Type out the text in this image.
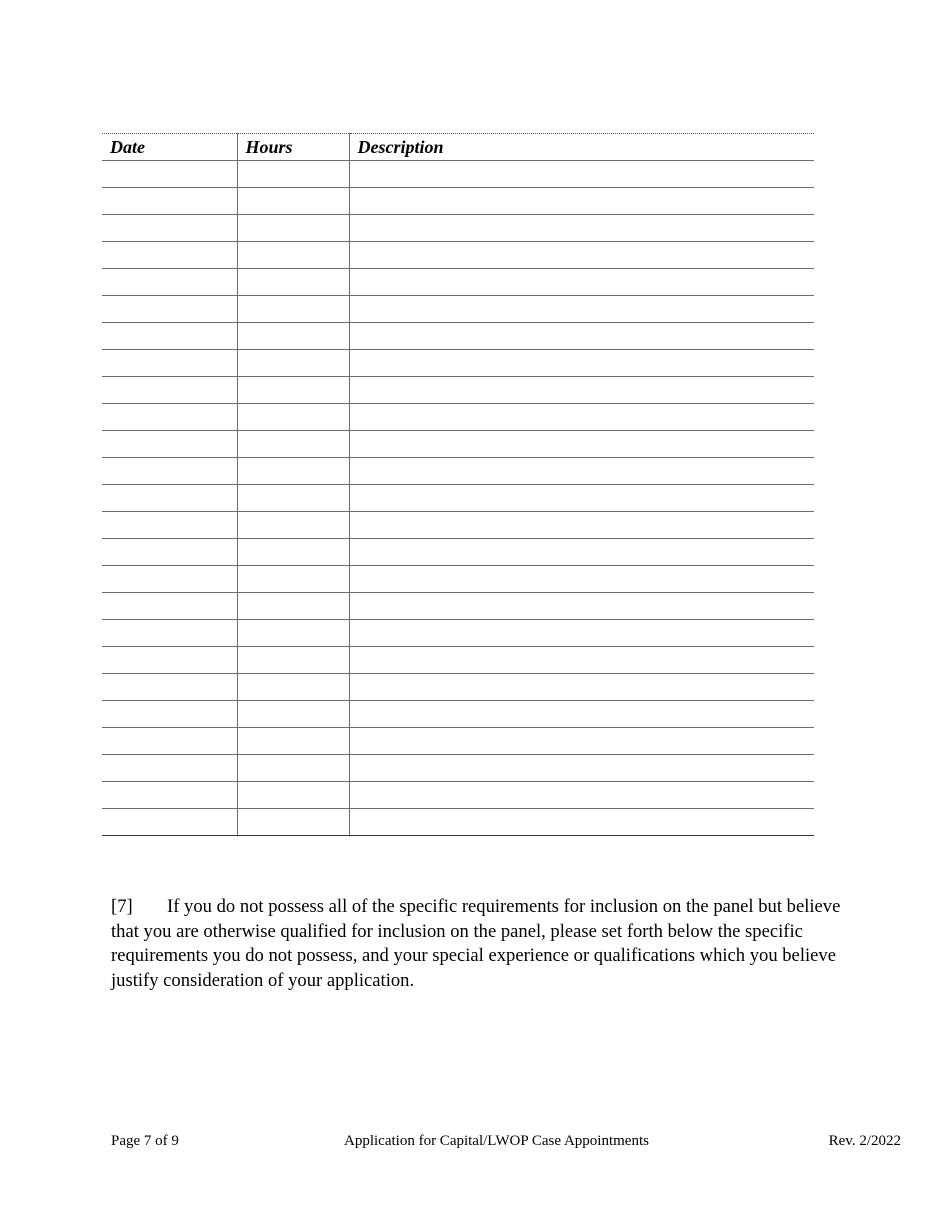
Date	Hours	Description

[7] If you do not possess all of the specific requirements for inclusion on the panel but believe that you are otherwise qualified for inclusion on the panel, please set forth below the specific requirements you do not possess, and your special experience or qualifications which you believe justify consideration of your application.

Page 7 of 9	Application for Capital/LWOP Case Appointments	Rev. 2/2022
